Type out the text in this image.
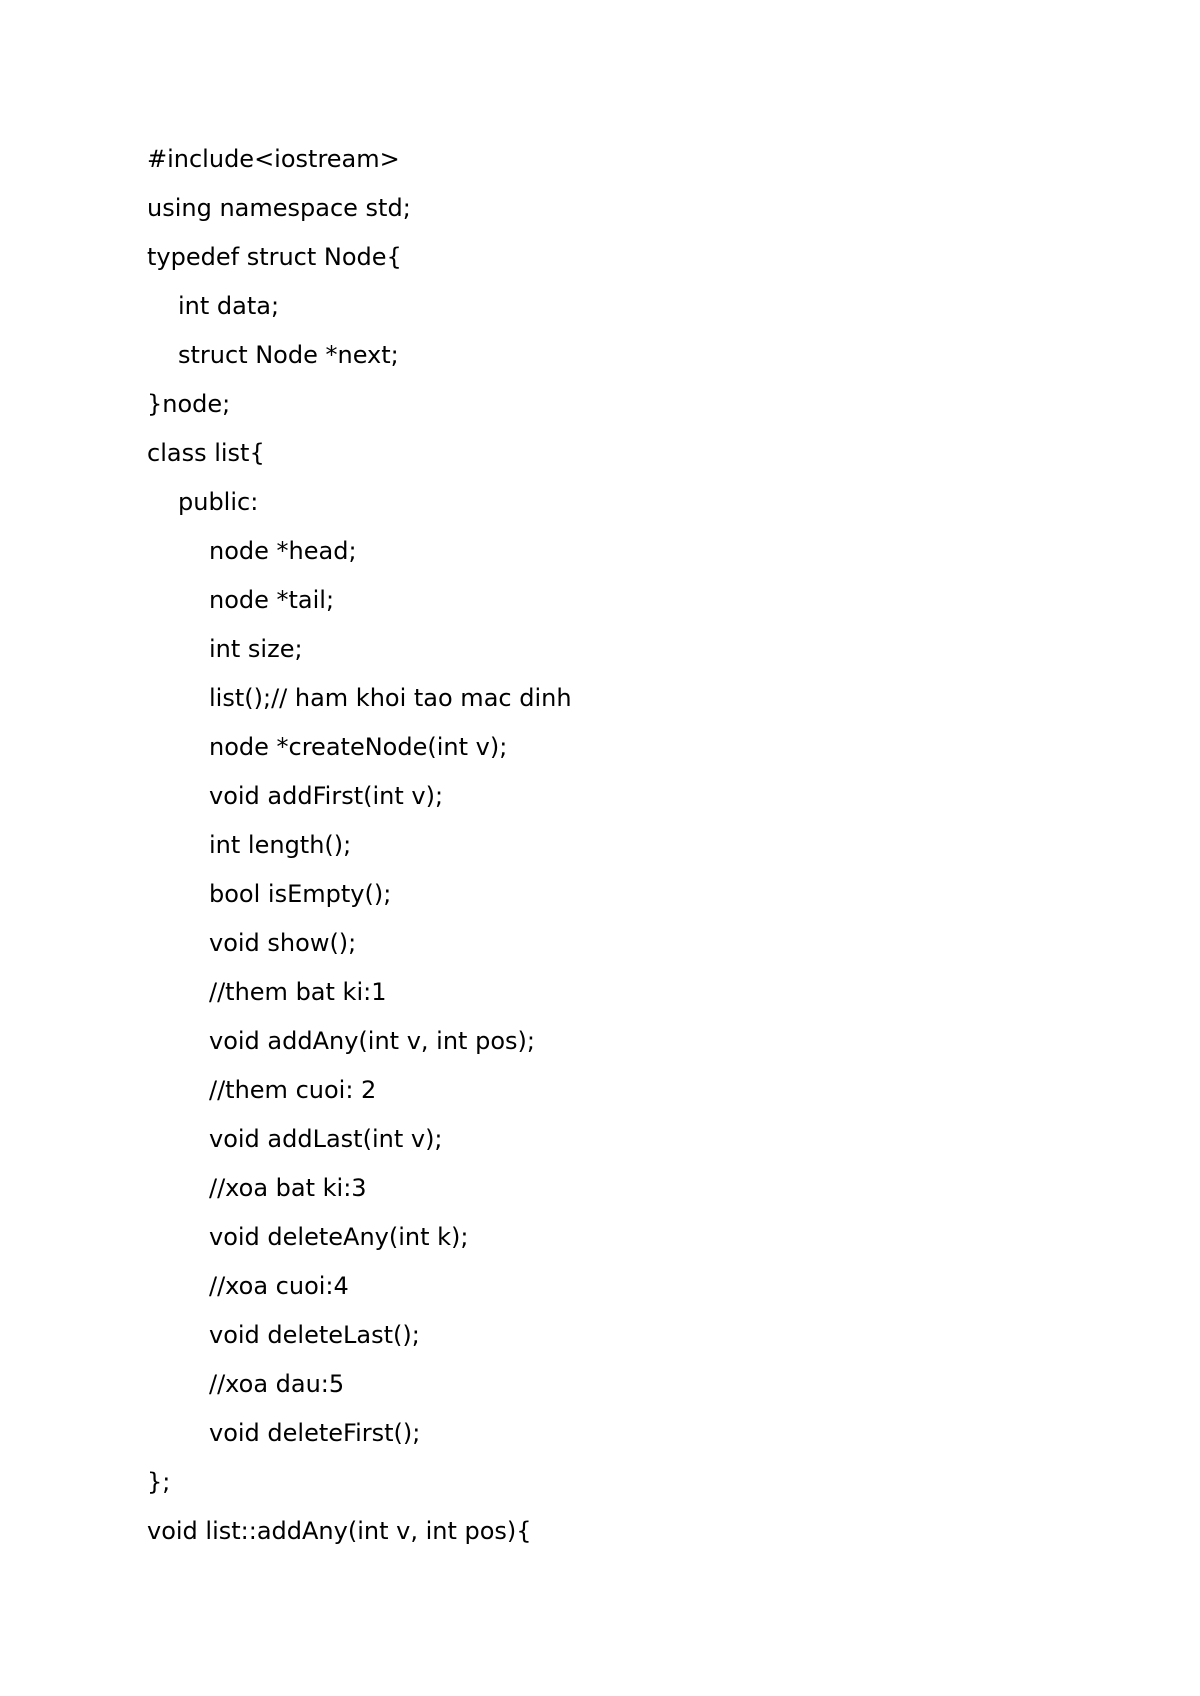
#include<iostream>
using namespace std;
typedef struct Node{
int data;
struct Node *next;
}node;
class list{
public:
node *head;
node *tail;
int size;
list();// ham khoi tao mac dinh
node *createNode(int v);
void addFirst(int v);
int length();
bool isEmpty();
void show();
//them bat ki:1
void addAny(int v, int pos);
//them cuoi: 2
void addLast(int v);
//xoa bat ki:3
void deleteAny(int k);
//xoa cuoi:4
void deleteLast();
//xoa dau:5
void deleteFirst();
};
void list::addAny(int v, int pos){
